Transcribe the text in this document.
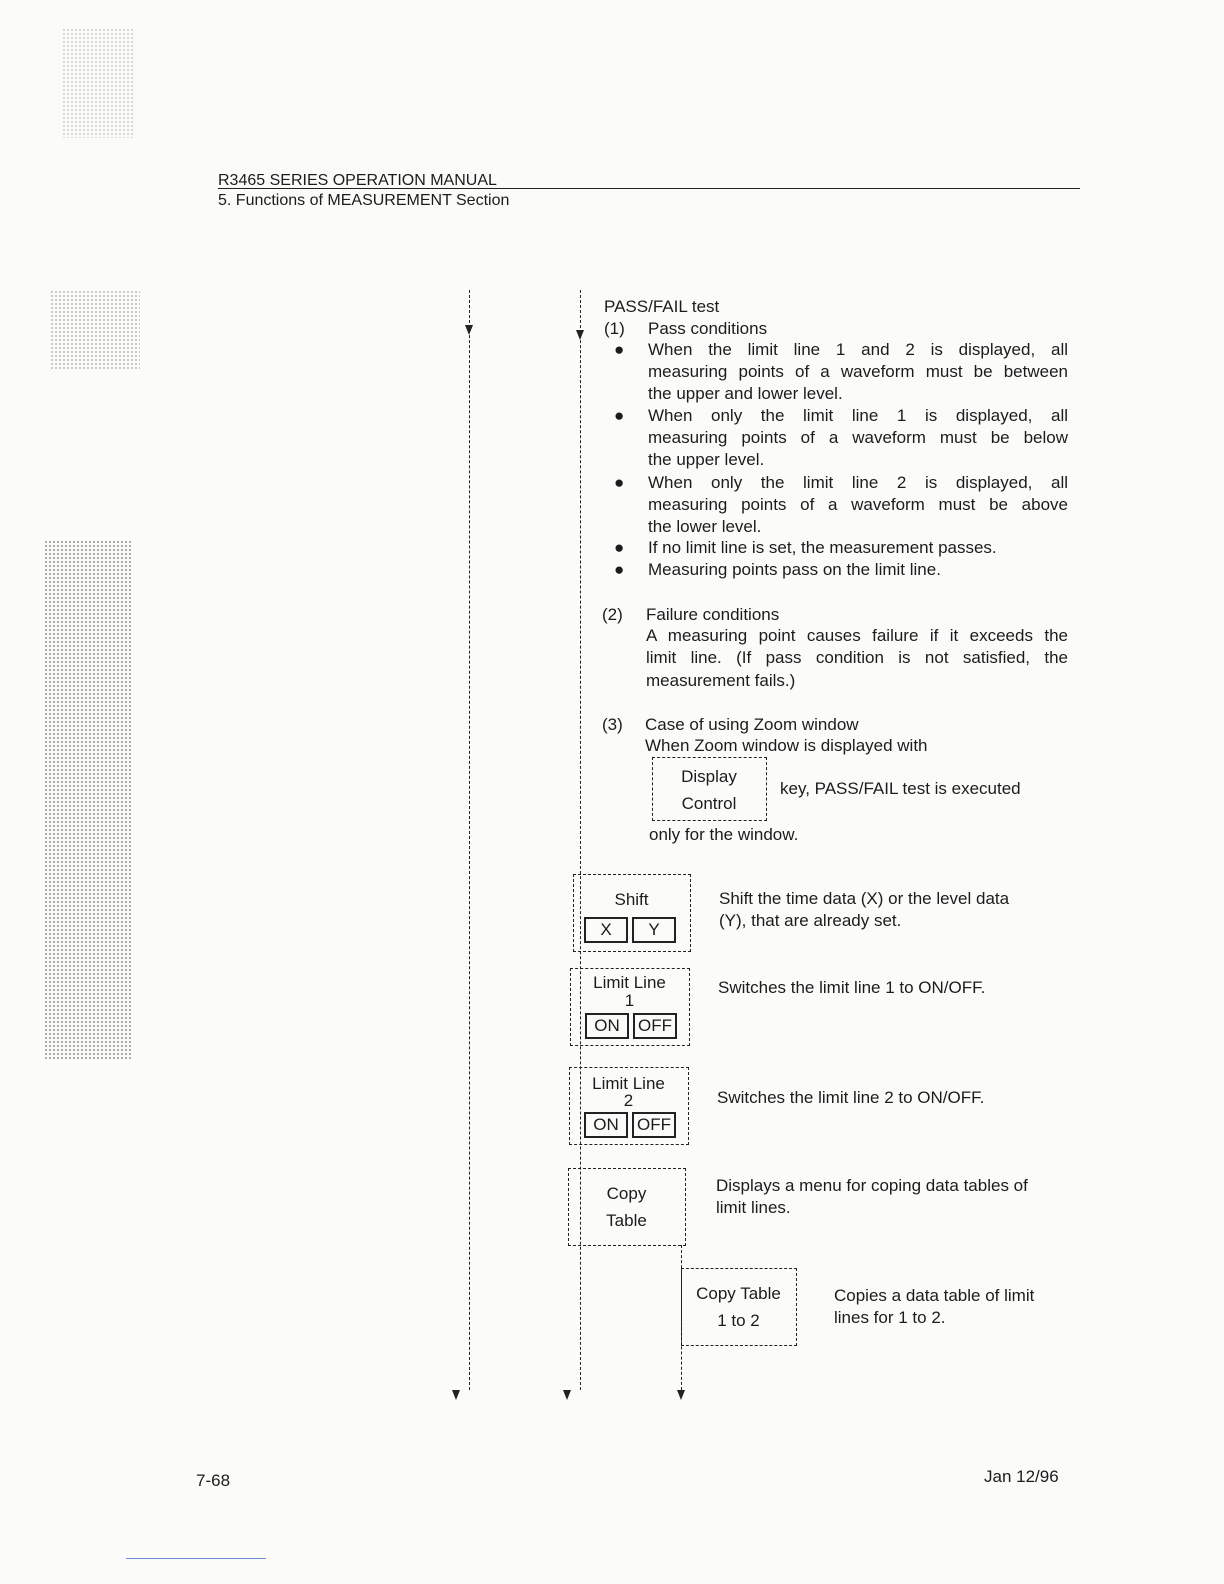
R3465 SERIES OPERATION MANUAL
5. Functions of MEASUREMENT Section
PASS/FAIL test
(1) Pass conditions
● When the limit line 1 and 2 is displayed, all
measuring points of a waveform must be between
the upper and lower level.
● When only the limit line 1 is displayed, all
measuring points of a waveform must be below
the upper level.
● When only the limit line 2 is displayed, all
measuring points of a waveform must be above
the lower level.
● If no limit line is set, the measurement passes.
● Measuring points pass on the limit line.
(2) Failure conditions
A measuring point causes failure if it exceeds the
limit line. (If pass condition is not satisfied, the
measurement fails.)
(3) Case of using Zoom window
When Zoom window is displayed with
Display
Control
key, PASS/FAIL test is executed
only for the window.
Shift
X	Y
Shift the time data (X) or the level data
(Y), that are already set.
Limit Line
1
ON	OFF
Switches the limit line 1 to ON/OFF.
Limit Line
2
ON	OFF
Switches the limit line 2 to ON/OFF.
Copy
Table
Displays a menu for coping data tables of
limit lines.
Copy Table
1 to 2
Copies a data table of limit
lines for 1 to 2.
7-68	Jan 12/96
